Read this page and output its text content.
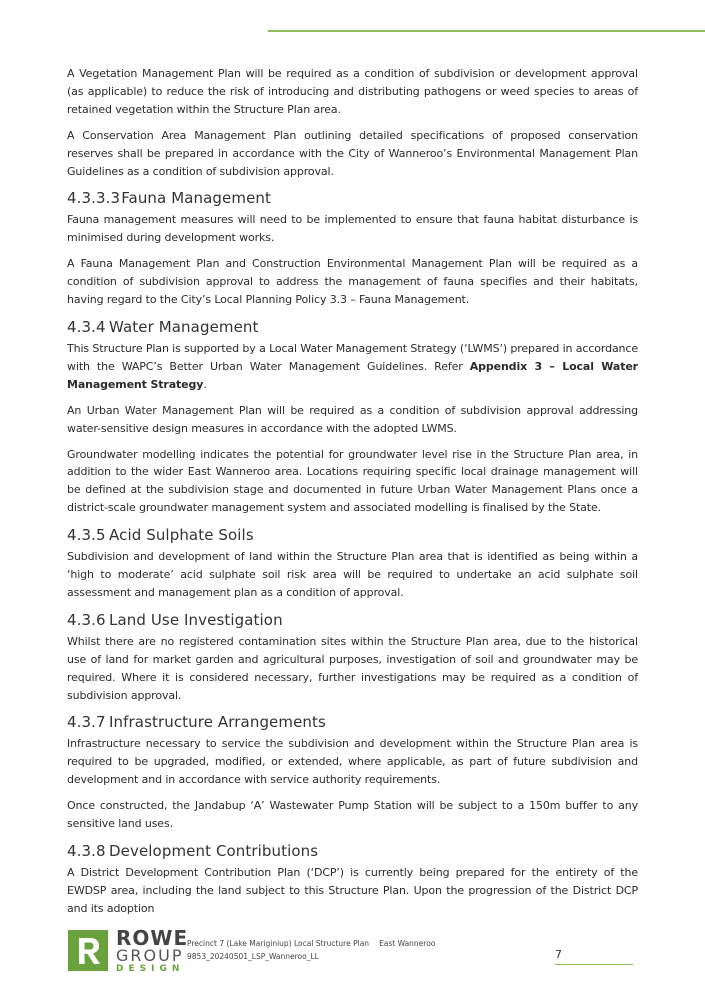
A Vegetation Management Plan will be required as a condition of subdivision or development approval (as applicable) to reduce the risk of introducing and distributing pathogens or weed species to areas of retained vegetation within the Structure Plan area.

A Conservation Area Management Plan outlining detailed specifications of proposed conservation reserves shall be prepared in accordance with the City of Wanneroo’s Environmental Management Plan Guidelines as a condition of subdivision approval.

4.3.3.3Fauna Management

Fauna management measures will need to be implemented to ensure that fauna habitat disturbance is minimised during development works.

A Fauna Management Plan and Construction Environmental Management Plan will be required as a condition of subdivision approval to address the management of fauna specifies and their habitats, having regard to the City’s Local Planning Policy 3.3 – Fauna Management.

4.3.4 Water Management

This Structure Plan is supported by a Local Water Management Strategy (‘LWMS’) prepared in accordance with the WAPC’s Better Urban Water Management Guidelines. Refer Appendix 3 – Local Water Management Strategy.

An Urban Water Management Plan will be required as a condition of subdivision approval addressing water-sensitive design measures in accordance with the adopted LWMS.

Groundwater modelling indicates the potential for groundwater level rise in the Structure Plan area, in addition to the wider East Wanneroo area. Locations requiring specific local drainage management will be defined at the subdivision stage and documented in future Urban Water Management Plans once a district-scale groundwater management system and associated modelling is finalised by the State.

4.3.5 Acid Sulphate Soils

Subdivision and development of land within the Structure Plan area that is identified as being within a ‘high to moderate’ acid sulphate soil risk area will be required to undertake an acid sulphate soil assessment and management plan as a condition of approval.

4.3.6 Land Use Investigation

Whilst there are no registered contamination sites within the Structure Plan area, due to the historical use of land for market garden and agricultural purposes, investigation of soil and groundwater may be required. Where it is considered necessary, further investigations may be required as a condition of subdivision approval.

4.3.7 Infrastructure Arrangements

Infrastructure necessary to service the subdivision and development within the Structure Plan area is required to be upgraded, modified, or extended, where applicable, as part of future subdivision and development and in accordance with service authority requirements.

Once constructed, the Jandabup ‘A’ Wastewater Pump Station will be subject to a 150m buffer to any sensitive land uses.

4.3.8 Development Contributions

A District Development Contribution Plan (‘DCP’) is currently being prepared for the entirety of the EWDSP area, including the land subject to this Structure Plan. Upon the progression of the District DCP and its adoption

ROWE
GROUP
DESIGN
Precinct 7 (Lake Mariginiup) Local Structure Plan East Wanneroo
9853_20240501_LSP_Wanneroo_LL	7
